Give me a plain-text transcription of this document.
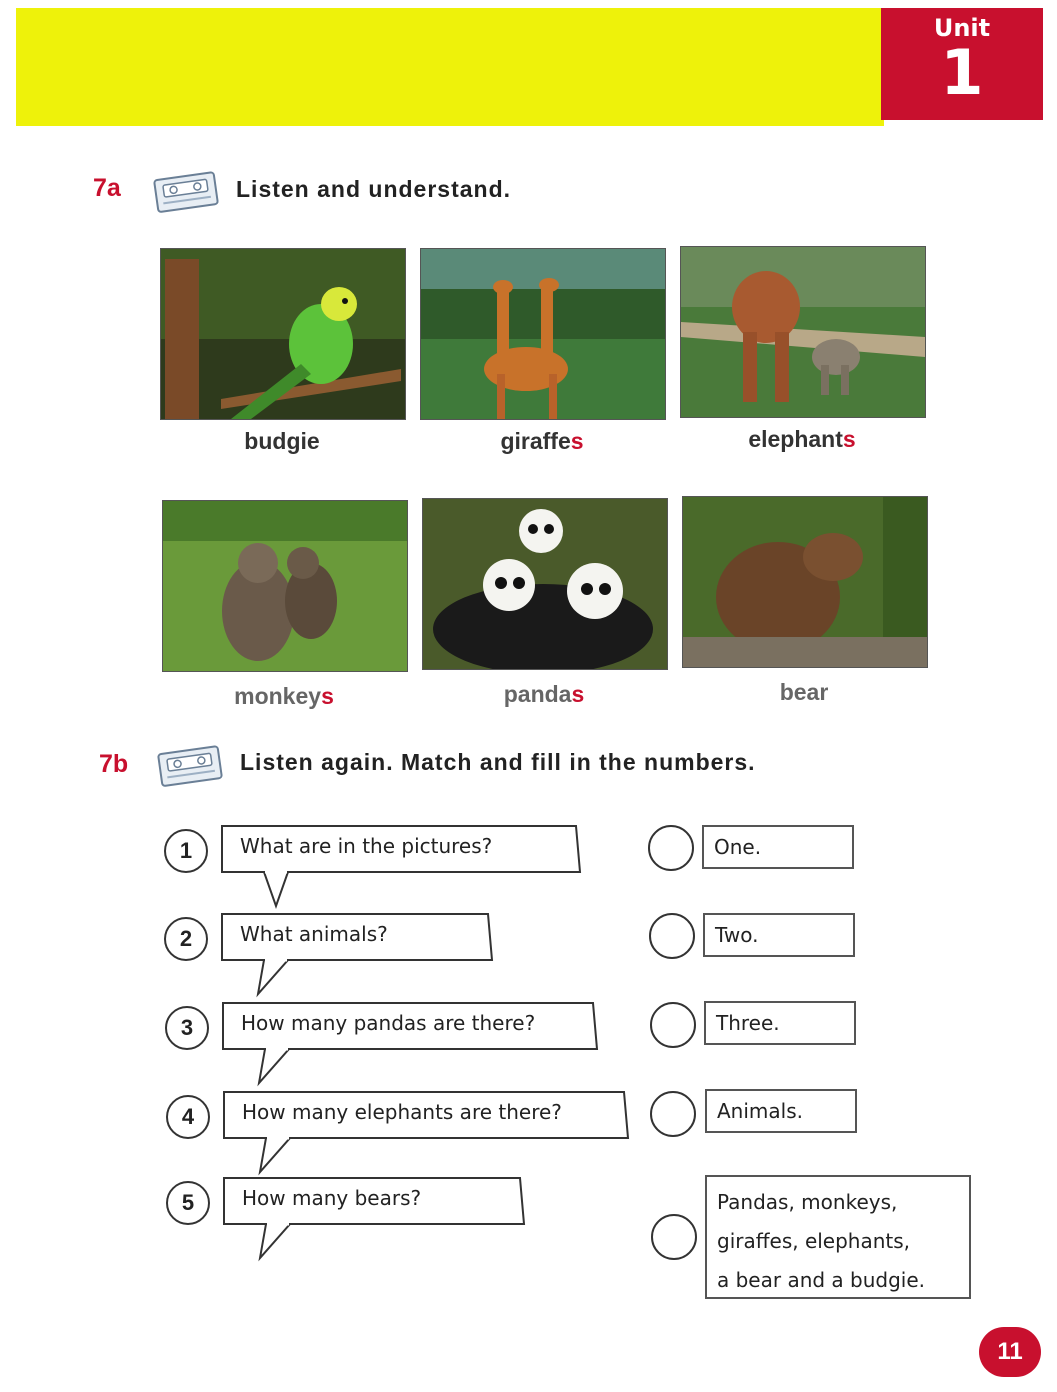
Unit
1
7a	Listen and understand.
budgie	giraffes	elephants
monkeys	pandas	bear
7b	Listen again. Match and fill in the numbers.
1	What are in the pictures?
2	What animals?
3	How many pandas are there?
4	How many elephants are there?
5	How many bears?
One.
Two.
Three.
Animals.
Pandas, monkeys,
giraffes, elephants,
a bear and a budgie.
11
